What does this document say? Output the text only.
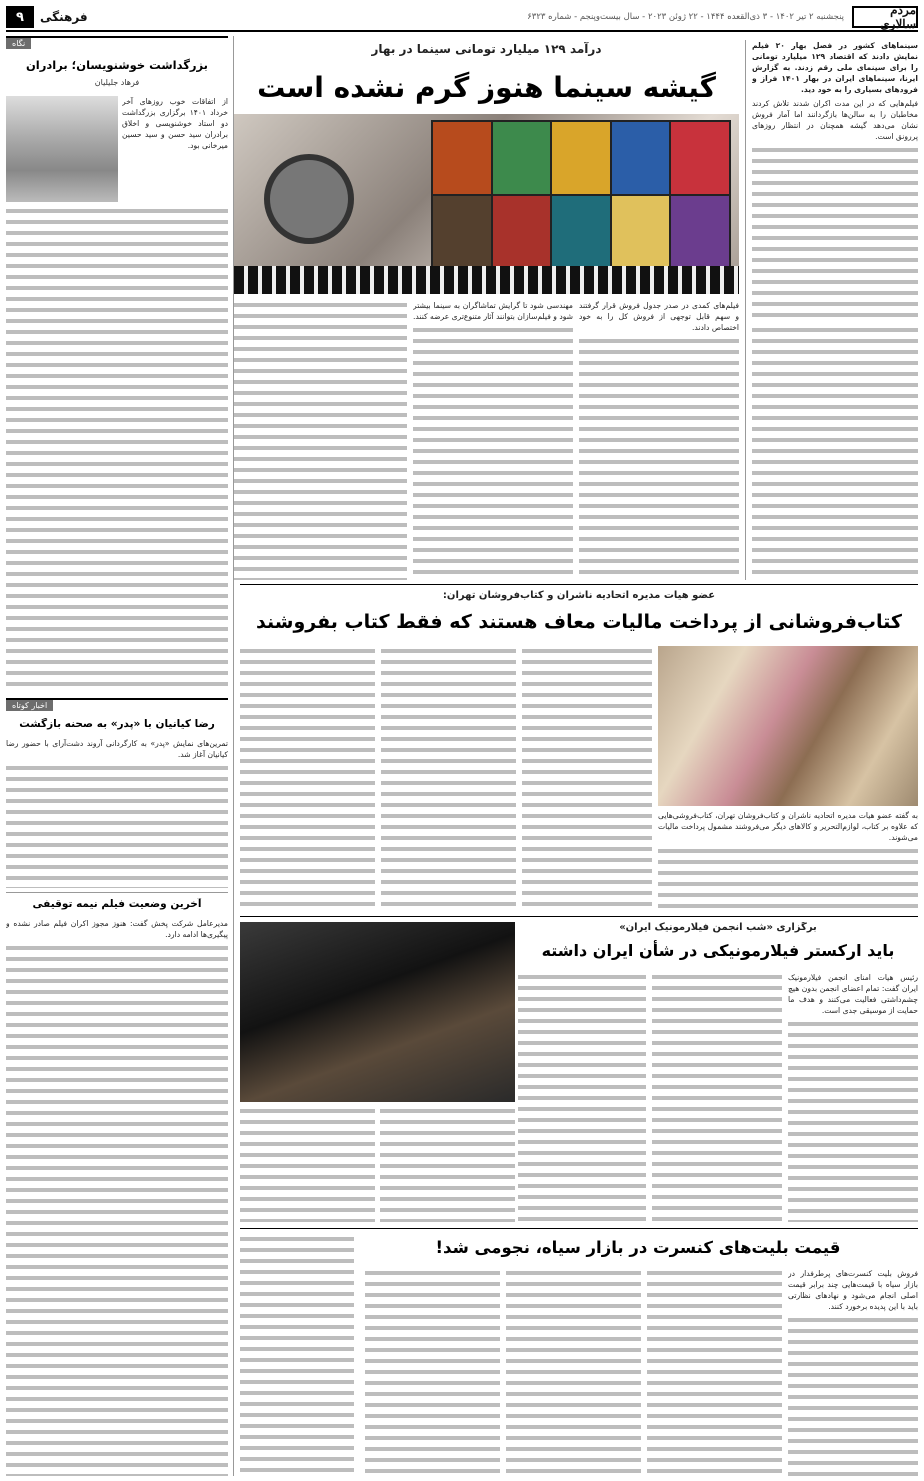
مردم سالاری
پنجشنبه ۲ تیر ۱۴۰۲ - ۳ ذی‌القعده ۱۴۴۴ - ۲۲ ژوئن ۲۰۲۳ - سال بیست‌وپنجم - شماره ۶۳۲۳
فرهنگی
۹

سینماهای کشور در فصل بهار ۲۰ فیلم نمایش دادند که اقتصاد ۱۲۹ میلیارد تومانی را برای سینمای ملی رقم زدند. به گزارش ایرنا، سینماهای ایران در بهار ۱۴۰۱ فراز و فرودهای بسیاری را به خود دید.

فیلم‌هایی که در این مدت اکران شدند تلاش کردند مخاطبان را به سالن‌ها بازگردانند اما آمار فروش نشان می‌دهد گیشه همچنان در انتظار روزهای پررونق است.

درآمد ۱۲۹ میلیارد تومانی سینما در بهار
گیشه سینما هنوز گرم نشده است

فیلم‌های کمدی در صدر جدول فروش قرار گرفتند و سهم قابل توجهی از فروش کل را به خود اختصاص دادند.

مهندسی شود تا گرایش تماشاگران به سینما بیشتر شود و فیلم‌سازان بتوانند آثار متنوع‌تری عرضه کنند.

نگاه
بزرگداشت خوشنویسان؛ برادران
فرهاد جلیلیان

از اتفاقات خوب روزهای آخر خرداد ۱۴۰۱ برگزاری بزرگداشت دو استاد خوشنویسی و اخلاق برادران سید حسن و سید حسین میرخانی بود.

اخبار کوتاه
رضا کیانیان با «پدر» به صحنه بازگشت

تمرین‌های نمایش «پدر» به کارگردانی آروند دشت‌آرای با حضور رضا کیانیان آغاز شد.

آخرین وضعیت فیلم نیمه توقیفی

مدیرعامل شرکت پخش گفت: هنوز مجوز اکران فیلم صادر نشده و پیگیری‌ها ادامه دارد.

عضو هیات مدیره اتحادیه ناشران و کتاب‌فروشان تهران:
کتاب‌فروشانی از پرداخت مالیات معاف هستند که فقط کتاب بفروشند

به گفته عضو هیات مدیره اتحادیه ناشران و کتاب‌فروشان تهران، کتاب‌فروشی‌هایی که علاوه بر کتاب، لوازم‌التحریر و کالاهای دیگر می‌فروشند مشمول پرداخت مالیات می‌شوند.

برگزاری «شب انجمن فیلارمونیک ایران»
باید ارکستر فیلارمونیکی در شأن ایران داشته

رئیس هیات امنای انجمن فیلارمونیک ایران گفت: تمام اعضای انجمن بدون هیچ چشم‌داشتی فعالیت می‌کنند و هدف ما حمایت از موسیقی جدی است.

قیمت بلیت‌های کنسرت در بازار سیاه، نجومی شد!

فروش بلیت کنسرت‌های پرطرفدار در بازار سیاه با قیمت‌هایی چند برابر قیمت اصلی انجام می‌شود و نهادهای نظارتی باید با این پدیده برخورد کنند.
